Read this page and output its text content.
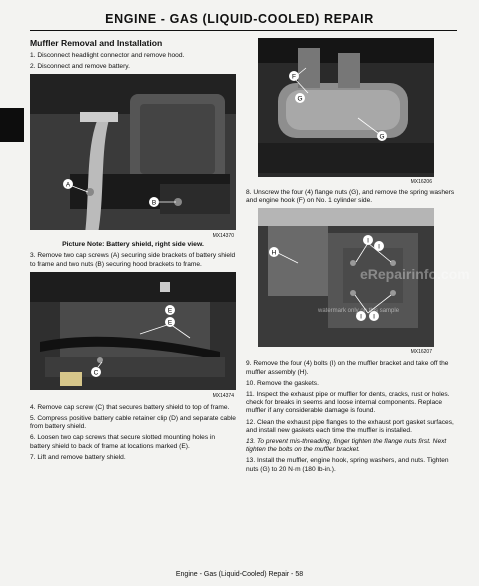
ENGINE - GAS (LIQUID-COOLED) REPAIR
Muffler Removal and Installation
1. Disconnect headlight connector and remove hood.
2. Disconnect and remove battery.
A
B
MX14370
Picture Note: Battery shield, right side view.
3. Remove two cap screws (A) securing side brackets of battery shield to frame and two nuts (B) securing hood brackets to frame.
E
E
C
MX14374
4. Remove cap screw (C) that secures battery shield to top of frame.
5. Compress positive battery cable retainer clip (D) and separate cable from battery shield.
6. Loosen two cap screws that secure slotted mounting holes in battery shield to back of frame at locations marked (E).
7. Lift and remove battery shield.
F
G
G
MX16206
8. Unscrew the four (4) flange nuts (G), and remove the spring washers and engine hook (F) on No. 1 cylinder side.
H
I
I
I I
MX16207
9. Remove the four (4) bolts (I) on the muffler bracket and take off the muffler assembly (H).
10. Remove the gaskets.
11. Inspect the exhaust pipe or muffler for dents, cracks, rust or holes. check for breaks in seems and loose internal components. Replace muffler if any considerable damage is found.
12. Clean the exhaust pipe flanges to the exhaust port gasket surfaces, and install new gaskets each time the muffler is installed.
13. To prevent mis-threading, finger tighten the flange nuts first. Next tighten the bolts on the muffler bracket.
13. Install the muffler, engine hook, spring washers, and nuts. Tighten nuts (G) to 20 N·m (180 lb-in.).
eRepairinfo.com
watermark only on this sample
Engine - Gas (Liquid-Cooled) Repair - 58
